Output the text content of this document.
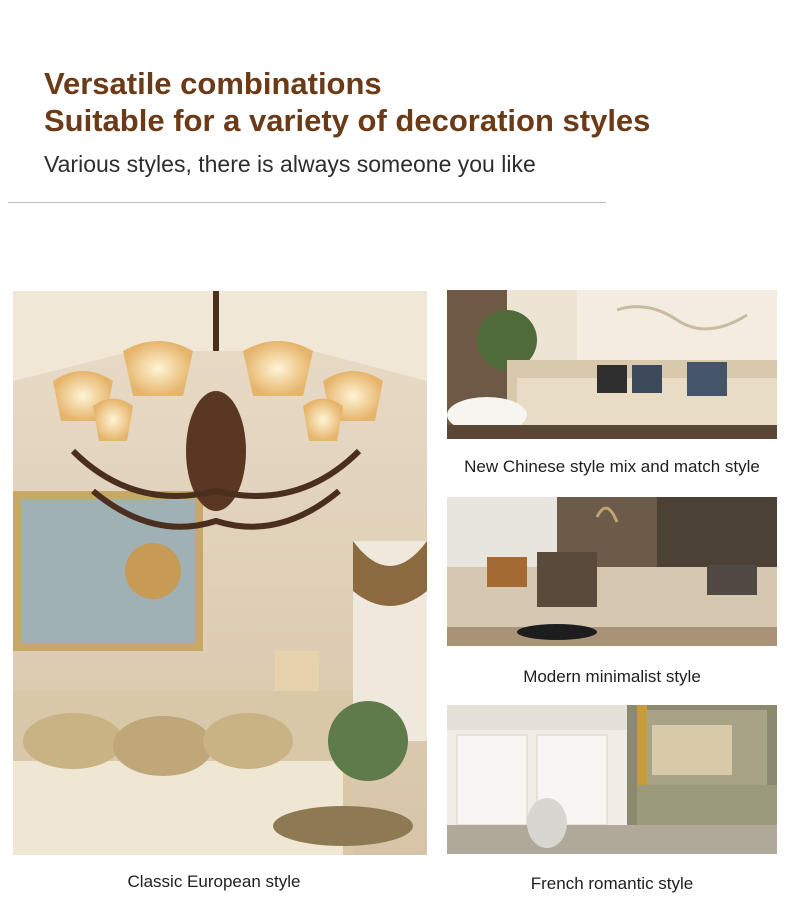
Versatile combinations
Suitable for a variety of decoration styles
Various styles, there is always someone you like
Classic European style
New Chinese style mix and match style
Modern minimalist style
French romantic style
